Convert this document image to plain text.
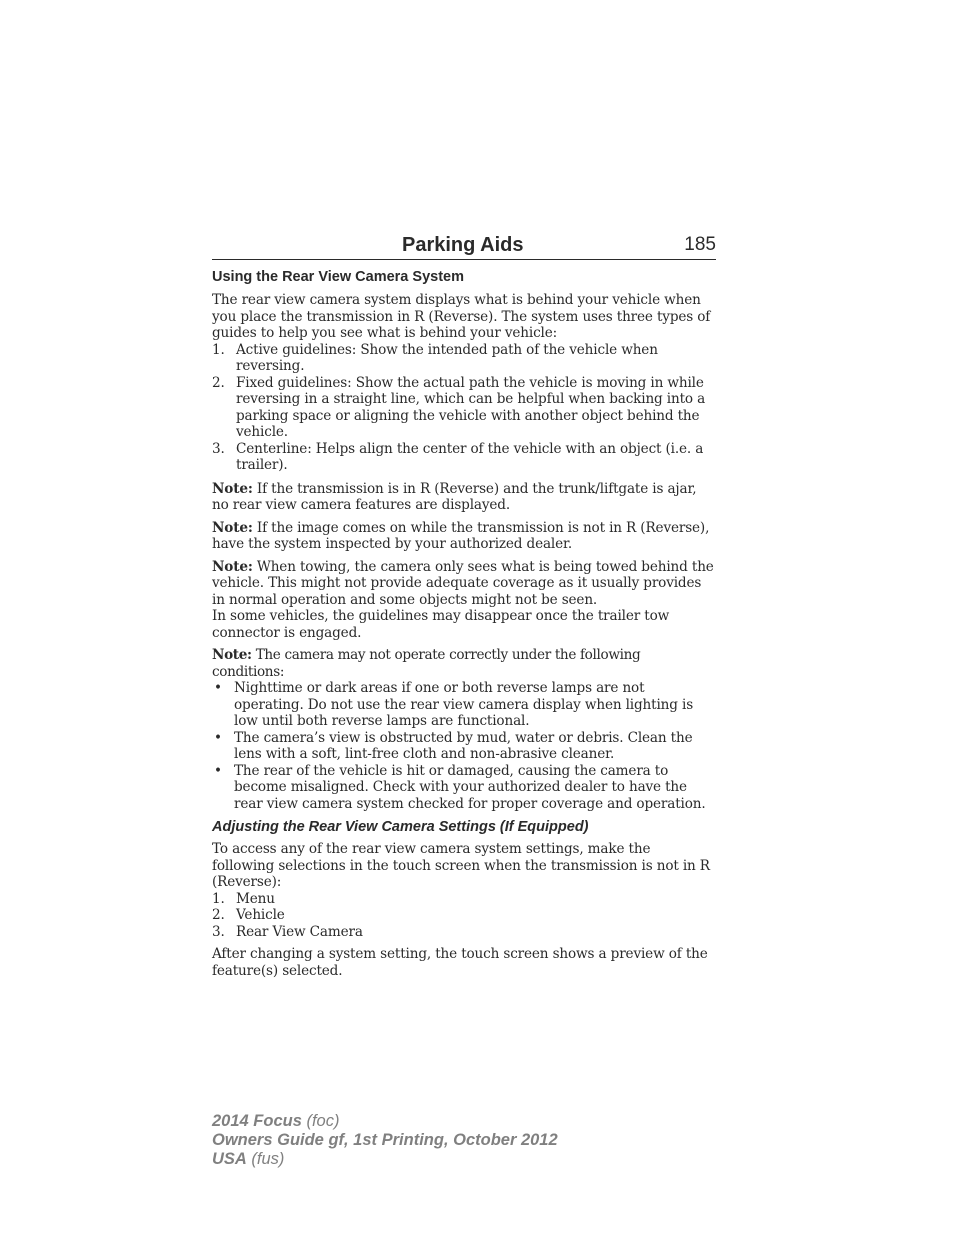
Parking Aids	185
Using the Rear View Camera System

The rear view camera system displays what is behind your vehicle when you place the transmission in R (Reverse). The system uses three types of guides to help you see what is behind your vehicle:

1. Active guidelines: Show the intended path of the vehicle when reversing.
2. Fixed guidelines: Show the actual path the vehicle is moving in while reversing in a straight line, which can be helpful when backing into a parking space or aligning the vehicle with another object behind the vehicle.
3. Centerline: Helps align the center of the vehicle with an object (i.e. a trailer).

Note: If the transmission is in R (Reverse) and the trunk/liftgate is ajar, no rear view camera features are displayed.

Note: If the image comes on while the transmission is not in R (Reverse), have the system inspected by your authorized dealer.

Note: When towing, the camera only sees what is being towed behind the vehicle. This might not provide adequate coverage as it usually provides in normal operation and some objects might not be seen.

In some vehicles, the guidelines may disappear once the trailer tow connector is engaged.

Note: The camera may not operate correctly under the following conditions:

• Nighttime or dark areas if one or both reverse lamps are not operating. Do not use the rear view camera display when lighting is low until both reverse lamps are functional.
• The camera’s view is obstructed by mud, water or debris. Clean the lens with a soft, lint-free cloth and non-abrasive cleaner.
• The rear of the vehicle is hit or damaged, causing the camera to become misaligned. Check with your authorized dealer to have the rear view camera system checked for proper coverage and operation.
Adjusting the Rear View Camera Settings (If Equipped)

To access any of the rear view camera system settings, make the following selections in the touch screen when the transmission is not in R (Reverse):

1. Menu
2. Vehicle
3. Rear View Camera

After changing a system setting, the touch screen shows a preview of the feature(s) selected.

2014 Focus (foc)
Owners Guide gf, 1st Printing, October 2012
USA (fus)
